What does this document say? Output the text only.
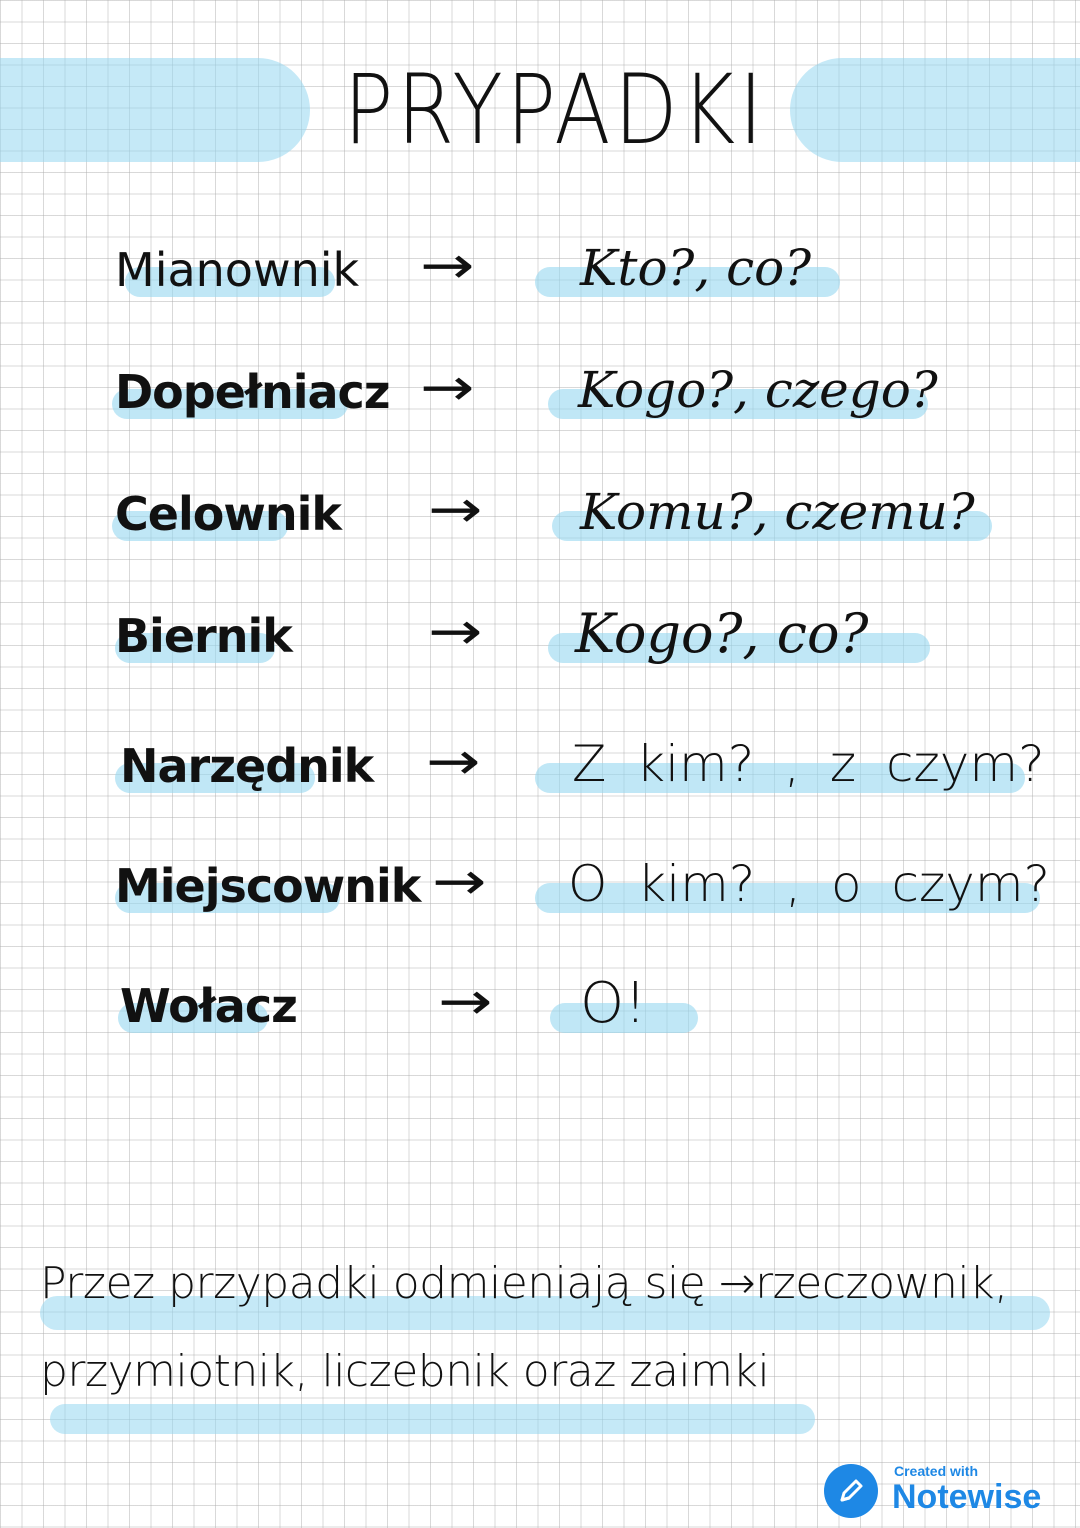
PRYPADKI
Mianownik → Kto?, co?
Dopełniacz → Kogo?, czego?
Celownik → Komu?, czemu?
Biernik	→ Kogo?, co?
Narzędnik → Z kim? , z czym?
Miejscownik → O kim? , o czym?
Wołacz	→ O!

Przez przypadki odmieniają się →rzeczownik,
przymiotnik, liczebnik oraz zaimki

Created with
Notewise
